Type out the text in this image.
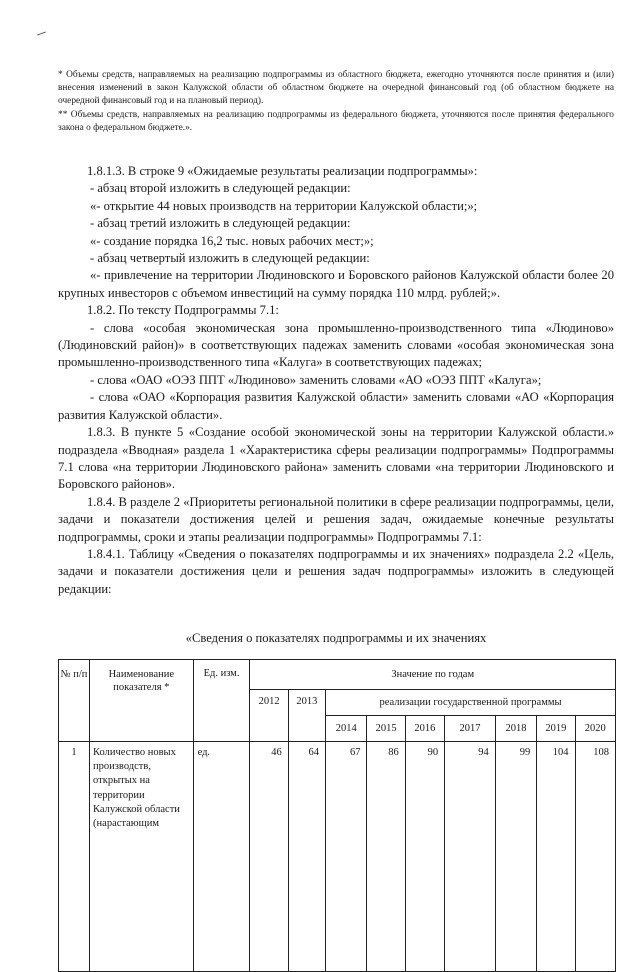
* Объемы средств, направляемых на реализацию подпрограммы из областного бюджета, ежегодно уточняются после принятия и (или) внесения изменений в закон Калужской области об областном бюджете на очередной финансовый год (об областном бюджете на очередной финансовый год и на плановый период).

** Объемы средств, направляемых на реализацию подпрограммы из федерального бюджета, уточняются после принятия федерального закона о федеральном бюджете.».

1.8.1.3. В строке 9 «Ожидаемые результаты реализации подпрограммы»:

- абзац второй изложить в следующей редакции:

«- открытие 44 новых производств на территории Калужской области;»;

- абзац третий изложить в следующей редакции:

«- создание порядка 16,2 тыс. новых рабочих мест;»;

- абзац четвертый изложить в следующей редакции:

«- привлечение на территории Людиновского и Боровского районов Калужской области более 20 крупных инвесторов с объемом инвестиций на сумму порядка 110 млрд. рублей;».

1.8.2. По тексту Подпрограммы 7.1:

- слова «особая экономическая зона промышленно-производственного типа «Людиново» (Людиновский район)» в соответствующих падежах заменить словами «особая экономическая зона промышленно-производственного типа «Калуга» в соответствующих падежах;

- слова «ОАО «ОЭЗ ППТ «Людиново» заменить словами «АО «ОЭЗ ППТ «Калуга»;

- слова «ОАО «Корпорация развития Калужской области» заменить словами «АО «Корпорация развития Калужской области».

1.8.3. В пункте 5 «Создание особой экономической зоны на территории Калужской области.» подраздела «Вводная» раздела 1 «Характеристика сферы реализации подпрограммы» Подпрограммы 7.1 слова «на территории Людиновского района» заменить словами «на территории Людиновского и Боровского районов».

1.8.4. В разделе 2 «Приоритеты региональной политики в сфере реализации подпрограммы, цели, задачи и показатели достижения целей и решения задач, ожидаемые конечные результаты подпрограммы, сроки и этапы реализации подпрограммы» Подпрограммы 7.1:

1.8.4.1. Таблицу «Сведения о показателях подпрограммы и их значениях» подраздела 2.2 «Цель, задачи и показатели достижения цели и решения задач подпрограммы» изложить в следующей редакции:

«Сведения о показателях подпрограммы и их значениях
№ п/п	Наименование показателя *	Ед. изм.	Значение по годам								
			2012	2013	реализации государственной программы						
					2014	2015	2016	2017	2018	2019	2020
1	Количество новых производств, открытых на территории Калужской области (нарастающим	ед.	46	64	67	86	90	94	99	104	108
